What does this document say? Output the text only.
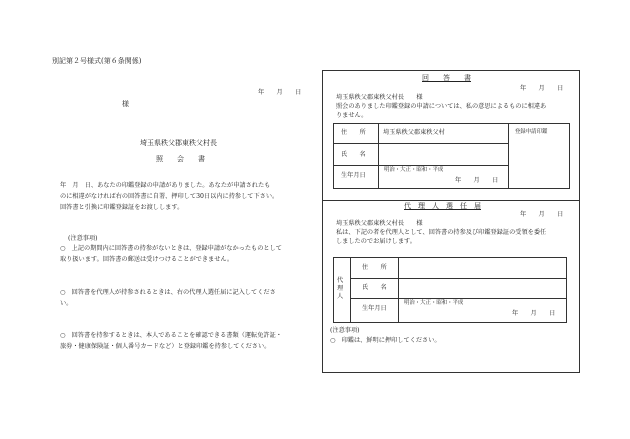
別記第２号様式(第６条関係)
年　　月　　日
様
埼玉県秩父郡東秩父村長
照　　会　　書
年　月　日、あなたの印鑑登録の申請がありました。あなたが申請されたも
のに相違がなければ右の回答書に自署、押印して30日以内に持参して下さい。
回答書と引換に印鑑登録証をお渡しします。
(注意事項)
○　上記の期間内に回答書の持参がないときは、登録申請がなかったものとして
取り扱います。回答書の郵送は受けつけることができません。
○　回答書を代理人が持参されるときは、右の代理人選任届に記入してくださ
い。
○　回答書を持参するときは、本人であることを確認できる書類（運転免許証・
旅券・健康保険証・個人番号カードなど）と登録印鑑を持参してください。
回　　答　　書
年　　月　　日
埼玉県秩父郡東秩父村長　　様
照会のありました印鑑登録の申請については、私の意思によるものに相違あ
りません。
住　　所	埼玉県秩父郡東秩父村	登録申請印鑑
氏　　名
生年月日
明治・大正・昭和・平成
年　　月　　日
代　理　人　選　任　届
年　　月　　日
埼玉県秩父郡東秩父村長　　様
私は、下記の者を代理人として、回答書の持参及び印鑑登録証の受領を委任
しましたのでお届けします。
代理人
住　　所
氏　　名
生年月日
明治・大正・昭和・平成
年　　月　　日
(注意事項)
○　印鑑は、鮮明に押印してください。
